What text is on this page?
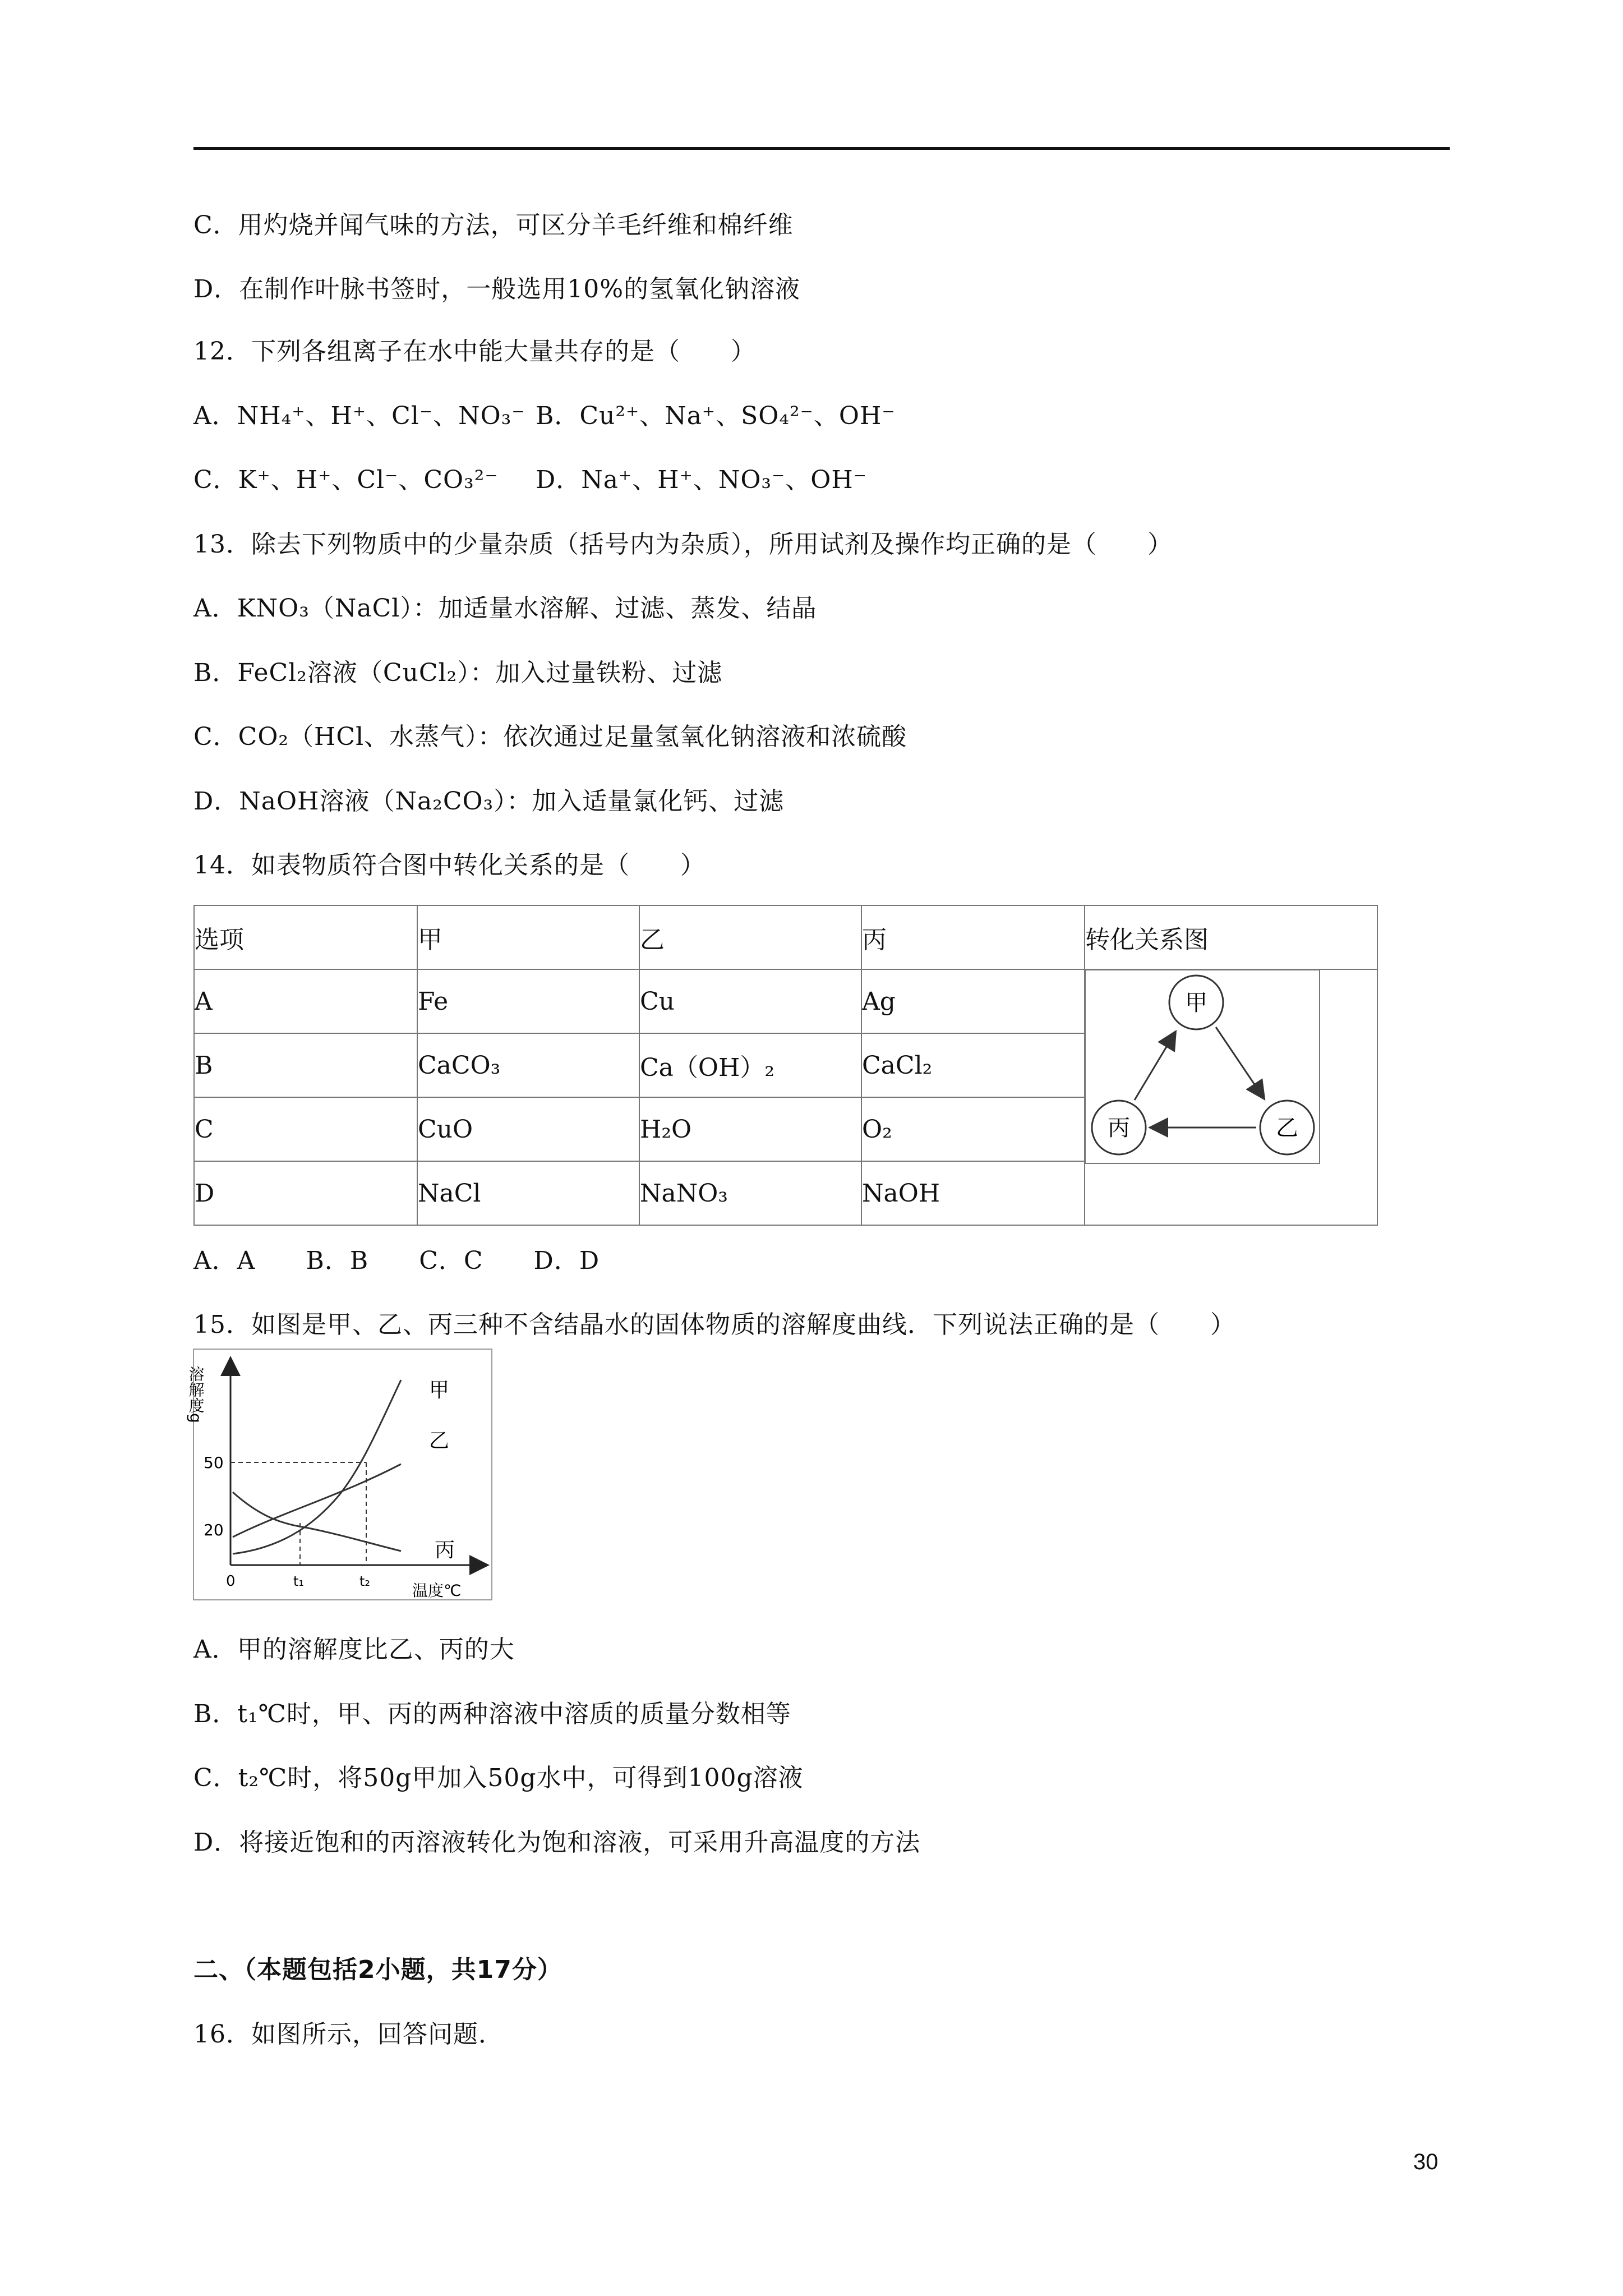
C．用灼烧并闻气味的方法，可区分羊毛纤维和棉纤维
D．在制作叶脉书签时，一般选用10%的氢氧化钠溶液
12．下列各组离子在水中能大量共存的是（　　）
A．NH₄⁺、H⁺、Cl⁻、NO₃⁻ B．Cu²⁺、Na⁺、SO₄²⁻、OH⁻
C．K⁺、H⁺、Cl⁻、CO₃²⁻ D．Na⁺、H⁺、NO₃⁻、OH⁻
13．除去下列物质中的少量杂质（括号内为杂质），所用试剂及操作均正确的是（　　）
A．KNO₃（NaCl）：加适量水溶解、过滤、蒸发、结晶
B．FeCl₂溶液（CuCl₂）：加入过量铁粉、过滤
C．CO₂（HCl、水蒸气）：依次通过足量氢氧化钠溶液和浓硫酸
D．NaOH溶液（Na₂CO₃）：加入适量氯化钙、过滤
14．如表物质符合图中转化关系的是（　　）
选项	甲	乙	丙	转化关系图
A	Fe	Cu	Ag	甲
乙
丙

B	CaCO₃	Ca（OH）₂	CaCl₂	
C	CuO	H₂O	O₂	
D	NaCl	NaNO₃	NaOH	
A．A　　B．B　　C．C　　D．D
15．如图是甲、乙、丙三种不含结晶水的固体物质的溶解度曲线．下列说法正确的是（　　）
溶解度g
50
20
0	t₁	t₂	温度℃
甲
乙
丙
A．甲的溶解度比乙、丙的大
B．t₁℃时，甲、丙的两种溶液中溶质的质量分数相等
C．t₂℃时，将50g甲加入50g水中，可得到100g溶液
D．将接近饱和的丙溶液转化为饱和溶液，可采用升高温度的方法
二、（本题包括2小题，共17分）
16．如图所示，回答问题．
30
